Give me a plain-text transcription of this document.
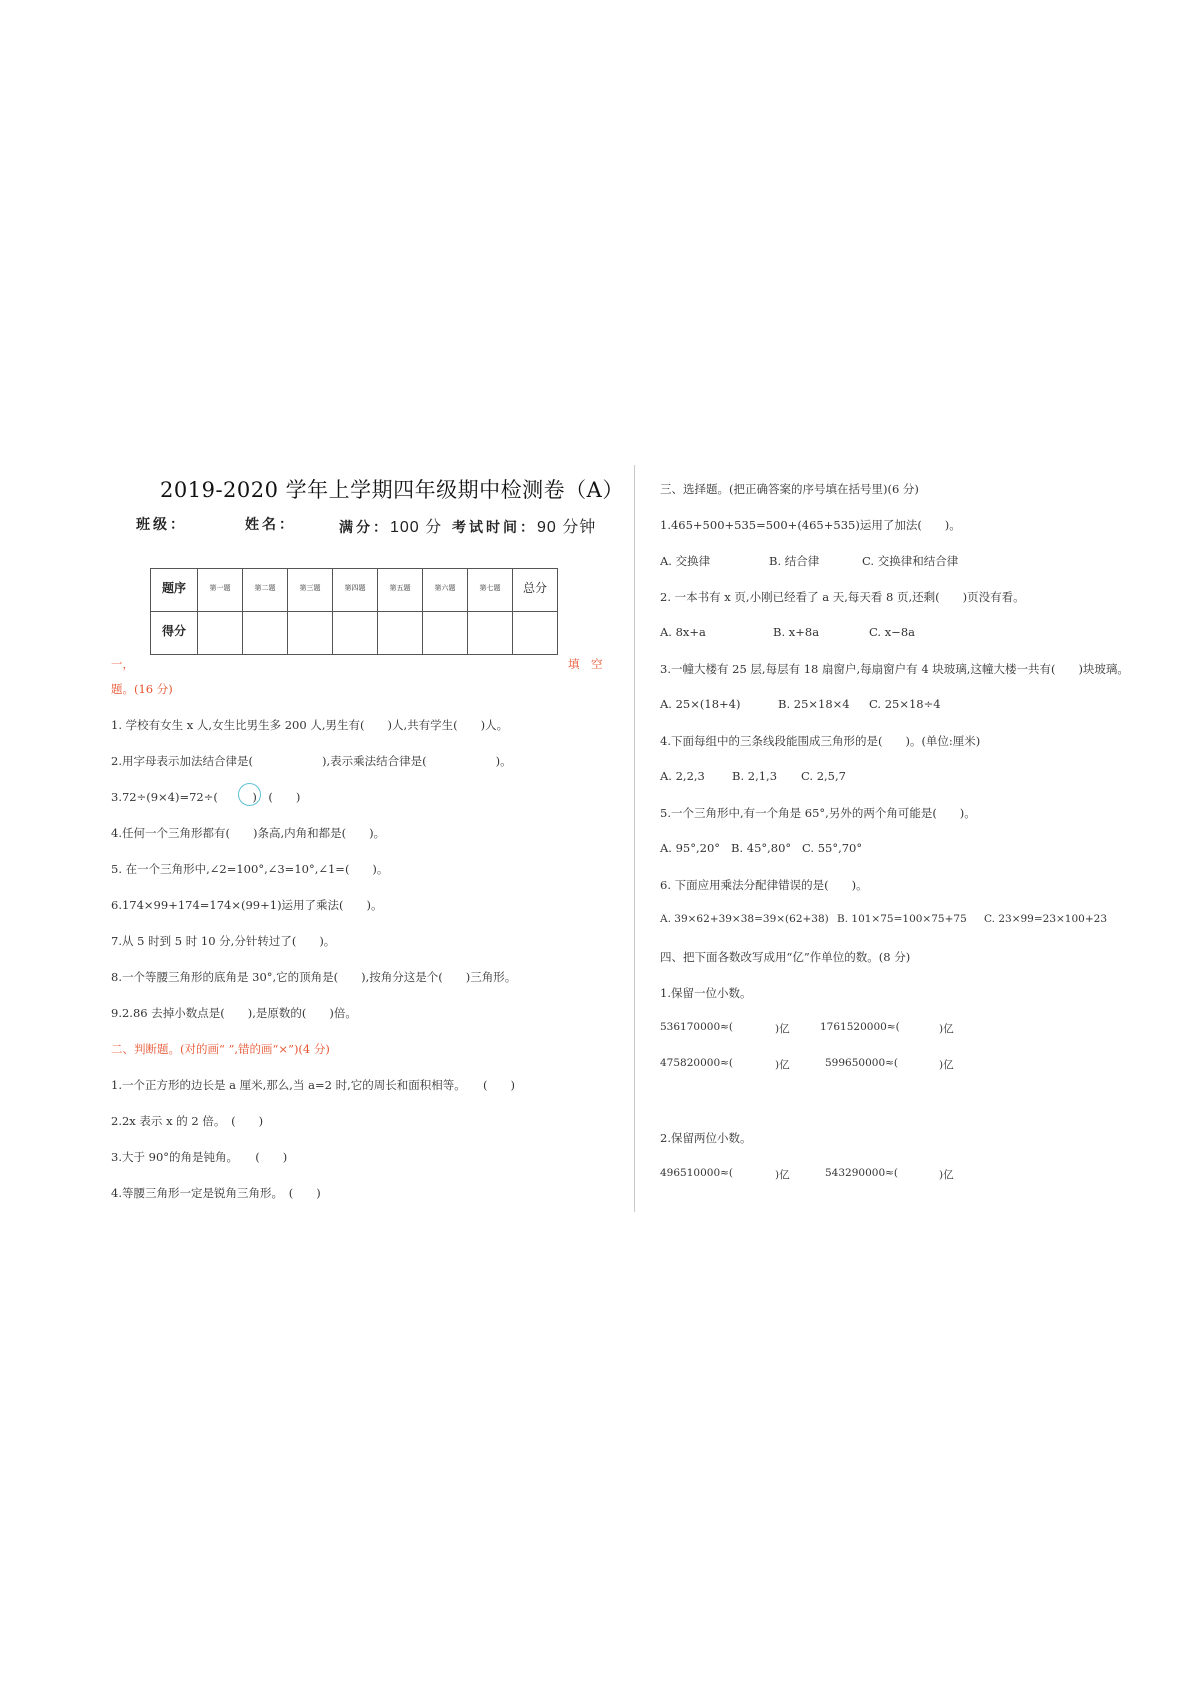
2019-2020 学年上学期四年级期中检测卷（A）
班级：	姓名：	满分：100 分 考试时间：90 分钟
题序	第一题	第二题	第三题	第四题	第五题	第六题	第七题	总分
得分								
一，	填　空
题。(16 分)
1. 学校有女生 x 人,女生比男生多 200 人,男生有(　　)人,共有学生(　　)人。
2.用字母表示加法结合律是(　　　　　　),表示乘法结合律是(　　　　　　)。
3.72÷(9×4)=72÷(　　　)　(　　)
4.任何一个三角形都有(　　)条高,内角和都是(　　)。
5. 在一个三角形中,∠2=100°,∠3=10°,∠1=(　　)。
6.174×99+174=174×(99+1)运用了乘法(　　)。
7.从 5 时到 5 时 10 分,分针转过了(　　)。
8.一个等腰三角形的底角是 30°,它的顶角是(　　),按角分这是个(　　)三角形。
9.2.86 去掉小数点是(　　),是原数的(　　)倍。
二、判断题。(对的画“ ”,错的画“×”)(4 分)
1.一个正方形的边长是 a 厘米,那么,当 a=2 时,它的周长和面积相等。　　(　　)
2.2x 表示 x 的 2 倍。　(　　)
3.大于 90°的角是钝角。　　(　　)
4.等腰三角形一定是锐角三角形。　(　　)
三、选择题。(把正确答案的序号填在括号里)(6 分)
1.465+500+535=500+(465+535)运用了加法(　　)。
A. 交换律	B. 结合律	C. 交换律和结合律
2. 一本书有 x 页,小刚已经看了 a 天,每天看 8 页,还剩(　　)页没有看。
A. 8x+a	B. x+8a	C. x−8a
3.一幢大楼有 25 层,每层有 18 扇窗户,每扇窗户有 4 块玻璃,这幢大楼一共有(　　)块玻璃。
A. 25×(18+4)	B. 25×18×4 C. 25×18÷4
4.下面每组中的三条线段能围成三角形的是(　　)。(单位:厘米)
A. 2,2,3 B. 2,1,3 C. 2,5,7
5.一个三角形中,有一个角是 65°,另外的两个角可能是(　　)。
A. 95°,20° B. 45°,80° C. 55°,70°
6. 下面应用乘法分配律错误的是(　　)。
A. 39×62+39×38=39×(62+38) B. 101×75=100×75+75 C. 23×99=23×100+23
四、把下面各数改写成用“亿”作单位的数。(8 分)
1.保留一位小数。
536170000≈(	)亿	1761520000≈(	)亿
475820000≈(	)亿	599650000≈(	)亿
2.保留两位小数。
496510000≈(	)亿	543290000≈(	)亿
